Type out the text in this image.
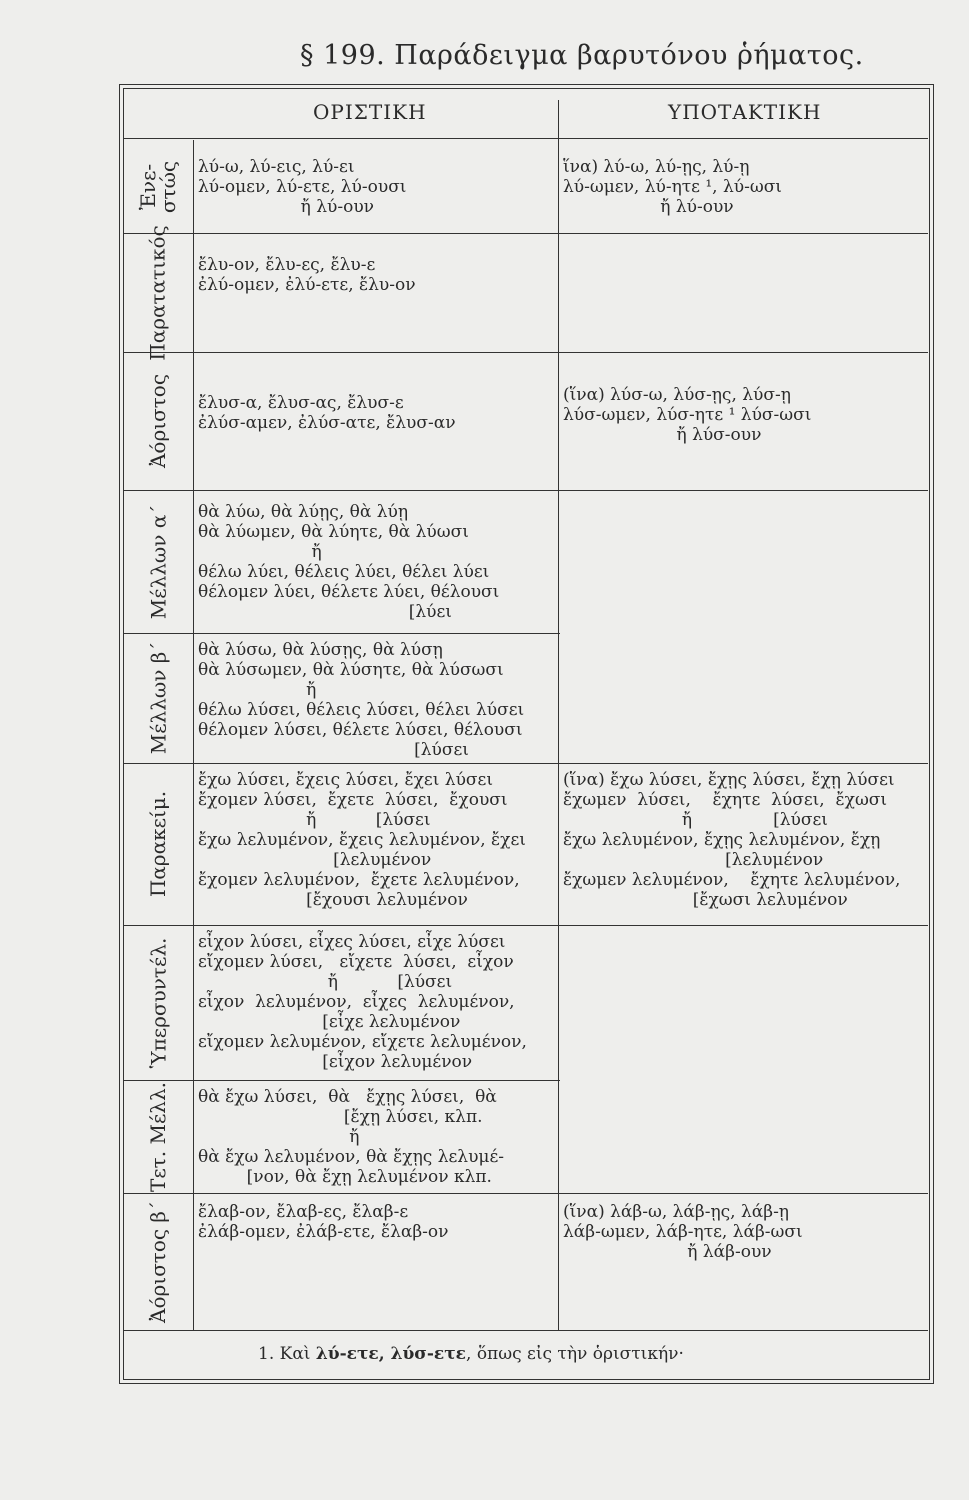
§ 199. Παράδειγμα βαρυτόνου ῥήματος.
ΟΡΙΣΤΙΚΗ	ΥΠΟΤΑΚΤΙΚΗ
Ἐνε-
στώς
Παρατατικός
Ἀόριστος
Μέλλων α΄
Μέλλων β΄
Παρακείμ.
Ὑπερσυντέλ.
Τετ. Μέλλ.
Ἀόριστος β΄
λύ-ω, λύ-εις, λύ-ει
λύ-ομεν, λύ-ετε, λύ-ουσι
ἤ λύ-ουν
ἔλυ-ον, ἔλυ-ες, ἔλυ-ε
ἐλύ-ομεν, ἐλύ-ετε, ἔλυ-ον
ἔλυσ-α, ἔλυσ-ας, ἔλυσ-ε
ἐλύσ-αμεν, ἐλύσ-ατε, ἔλυσ-αν
θὰ λύω, θὰ λύῃς, θὰ λύῃ
θὰ λύωμεν, θὰ λύητε, θὰ λύωσι
ἤ
θέλω λύει, θέλεις λύει, θέλει λύει
θέλομεν λύει, θέλετε λύει, θέλουσι
[λύει
θὰ λύσω, θὰ λύσῃς, θὰ λύσῃ
θὰ λύσωμεν, θὰ λύσητε, θὰ λύσωσι
ἤ
θέλω λύσει, θέλεις λύσει, θέλει λύσει
θέλομεν λύσει, θέλετε λύσει, θέλουσι
[λύσει
ἔχω λύσει, ἔχεις λύσει, ἔχει λύσει
ἔχομεν λύσει,  ἔχετε  λύσει,  ἔχουσι
ἤ           [λύσει
ἔχω λελυμένον, ἔχεις λελυμένον, ἔχει
[λελυμένον
ἔχομεν λελυμένον,  ἔχετε λελυμένον,
[ἔχουσι λελυμένον
εἶχον λύσει, εἶχες λύσει, εἶχε λύσει
εἴχομεν λύσει,   εἴχετε  λύσει,  εἶχον
ἤ           [λύσει
εἶχον  λελυμένον,  εἶχες  λελυμένον,
[εἶχε λελυμένον
εἴχομεν λελυμένον, εἴχετε λελυμένον,
[εἶχον λελυμένον
θὰ ἔχω λύσει,  θὰ   ἔχῃς λύσει,  θὰ
[ἔχῃ λύσει, κλπ.
ἤ
θὰ ἔχω λελυμένον, θὰ ἔχῃς λελυμέ-
[νον, θὰ ἔχῃ λελυμένον κλπ.
ἔλαβ-ον, ἔλαβ-ες, ἔλαβ-ε
ἐλάβ-ομεν, ἐλάβ-ετε, ἔλαβ-ον
ἵνα) λύ-ω, λύ-ῃς, λύ-ῃ
λύ-ωμεν, λύ-ητε ¹, λύ-ωσι
ἤ λύ-ουν
(ἵνα) λύσ-ω, λύσ-ῃς, λύσ-ῃ
λύσ-ωμεν, λύσ-ητε ¹ λύσ-ωσι
ἤ λύσ-ουν
(ἵνα) ἔχω λύσει, ἔχῃς λύσει, ἔχῃ λύσει
ἔχωμεν  λύσει,    ἔχητε  λύσει,  ἔχωσι
ἤ               [λύσει
ἔχω λελυμένον, ἔχῃς λελυμένον, ἔχῃ
[λελυμένον
ἔχωμεν λελυμένον,    ἔχητε λελυμένον,
[ἔχωσι λελυμένον
(ἵνα) λάβ-ω, λάβ-ῃς, λάβ-ῃ
λάβ-ωμεν, λάβ-ητε, λάβ-ωσι
ἤ λάβ-ουν
1. Καὶ λύ-ετε, λύσ-ετε, ὅπως εἰς τὴν ὁριστικήν·
